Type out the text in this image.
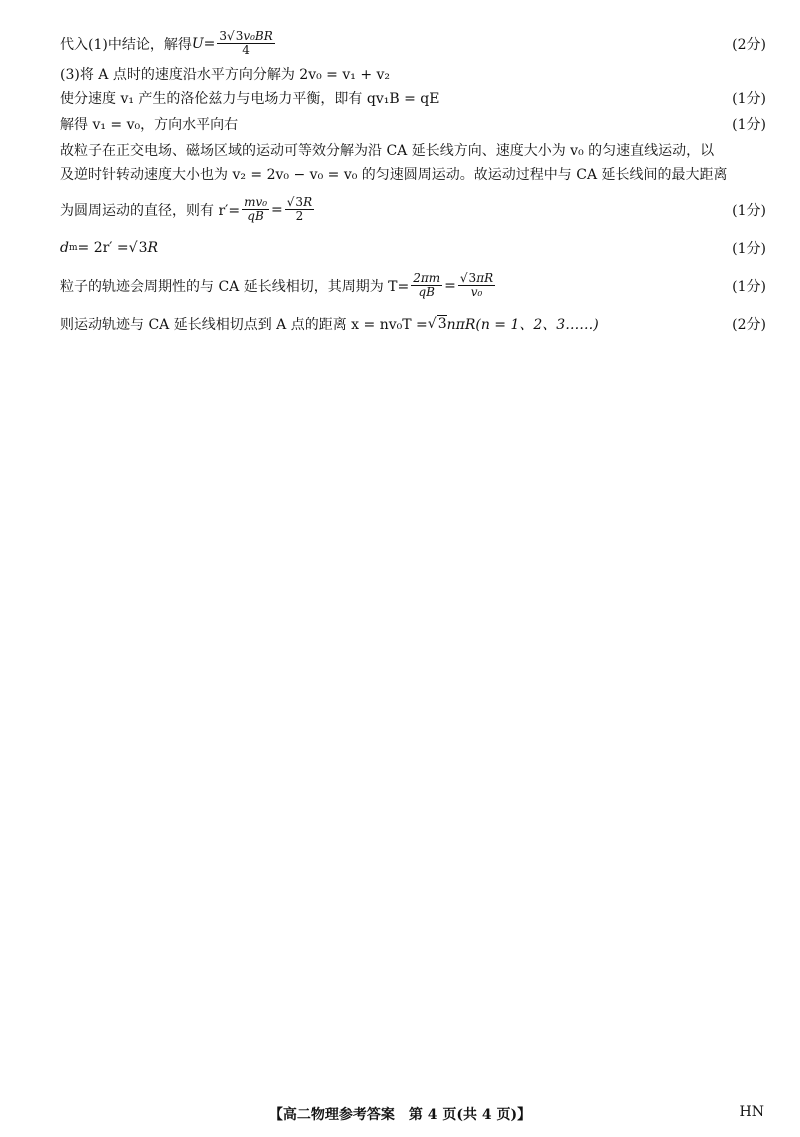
代入(1)中结论，解得 $U = \frac{\text{3√3v₀BR}}{4}$	(2分)
(3)将 A 点时的速度沿水平方向分解为 2v₀ = v₁ + v₂
使分速度 v₁ 产生的洛伦兹力与电场力平衡，即有 qv₁B = qE	(1分)
解得 v₁ = v₀，方向水平向右	(1分)
故粒子在正交电场、磁场区域的运动可等效分解为沿 CA 延长线方向、速度大小为 v₀ 的匀速直线运动，以
及逆时针转动速度大小也为 v₂ = 2v₀ − v₀ = v₀ 的匀速圆周运动。故运动过程中与 CA 延长线间的最大距离
为圆周运动的直径，则有 $r'= \frac{\text{mv₀}}{qB} = \frac{√3R}{2}$	(1分)
d m = 2r′ = √3 R	(1分)
粒子的轨迹会周期性的与 CA 延长线相切，其周期为 $T= \frac{2\pi m}{qB} = \frac{√3\pi R}{\text{v₀}}$	(1分)
则运动轨迹与 CA 延长线相切点到 A 点的距离 x = nv₀T = √3 nπR(n = 1、2、3……)	(2分)
【高二物理参考答案　第 4 页(共 4 页)】	HN
